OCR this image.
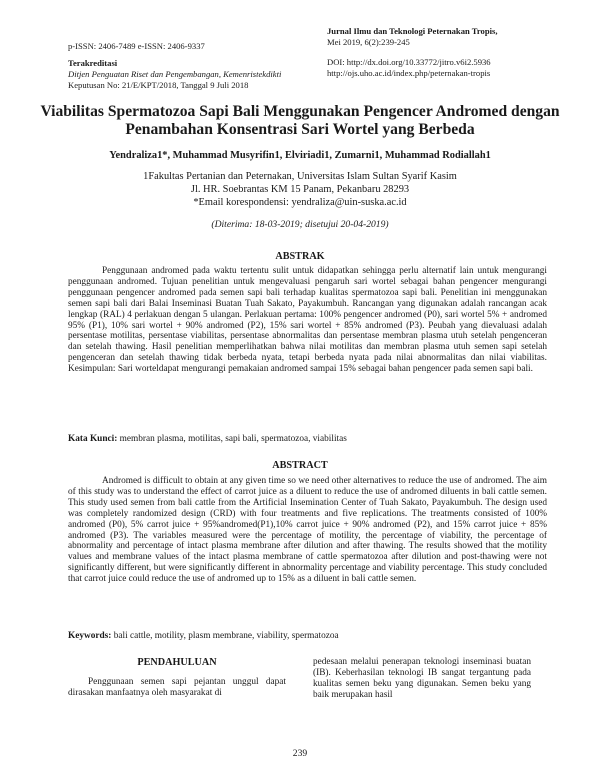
p-ISSN: 2406-7489 e-ISSN: 2406-9337
Terakreditasi
Ditjen Penguatan Riset dan Pengembangan, Kemenristekdikti
Keputusan No: 21/E/KPT/2018, Tanggal 9 Juli 2018
Jurnal Ilmu dan Teknologi Peternakan Tropis,
Mei 2019, 6(2):239-245
DOI: http://dx.doi.org/10.33772/jitro.v6i2.5936
http://ojs.uho.ac.id/index.php/peternakan-tropis
Viabilitas Spermatozoa Sapi Bali Menggunakan Pengencer Andromed dengan
Penambahan Konsentrasi Sari Wortel yang Berbeda
Yendraliza1*, Muhammad Musyrifin1, Elviriadi1, Zumarni1, Muhammad Rodiallah1
1Fakultas Pertanian dan Peternakan, Universitas Islam Sultan Syarif Kasim
Jl. HR. Soebrantas KM 15 Panam, Pekanbaru 28293
*Email korespondensi: yendraliza@uin-suska.ac.id
(Diterima: 18-03-2019; disetujui 20-04-2019)
ABSTRAK
Penggunaan andromed pada waktu tertentu sulit untuk didapatkan sehingga perlu alternatif lain untuk mengurangi penggunaan andromed. Tujuan penelitian untuk mengevaluasi pengaruh sari wortel sebagai bahan pengencer mengurangi penggunaan pengencer andromed pada semen sapi bali terhadap kualitas spermatozoa sapi bali. Penelitian ini menggunakan semen sapi bali dari Balai Inseminasi Buatan Tuah Sakato, Payakumbuh. Rancangan yang digunakan adalah rancangan acak lengkap (RAL) 4 perlakuan dengan 5 ulangan. Perlakuan pertama: 100% pengencer andromed (P0), sari wortel 5% + andromed 95% (P1), 10% sari wortel + 90% andromed (P2), 15% sari wortel + 85% andromed (P3). Peubah yang dievaluasi adalah persentase motilitas, persentase viabilitas, persentase abnormalitas dan persentase membran plasma utuh setelah pengenceran dan setelah thawing. Hasil penelitian memperlihatkan bahwa nilai motilitas dan membran plasma utuh semen sapi setelah pengenceran dan setelah thawing tidak berbeda nyata, tetapi berbeda nyata pada nilai abnormalitas dan nilai viabilitas. Kesimpulan: Sari worteldapat mengurangi pemakaian andromed sampai 15% sebagai bahan pengencer pada semen sapi bali.
Kata Kunci: membran plasma, motilitas, sapi bali, spermatozoa, viabilitas
ABSTRACT
Andromed is difficult to obtain at any given time so we need other alternatives to reduce the use of andromed. The aim of this study was to understand the effect of carrot juice as a diluent to reduce the use of andromed diluents in bali cattle semen. This study used semen from bali cattle from the Artificial Insemination Center of Tuah Sakato, Payakumbuh. The design used was completely randomized design (CRD) with four treatments and five replications. The treatments consisted of 100% andromed (P0), 5% carrot juice + 95%andromed(P1),10% carrot juice + 90% andromed (P2), and 15% carrot juice + 85% andromed (P3). The variables measured were the percentage of motility, the percentage of viability, the percentage of abnormality and percentage of intact plasma membrane after dilution and after thawing. The results showed that the motility values and membrane values of the intact plasma membrane of cattle spermatozoa after dilution and post-thawing were not significantly different, but were significantly different in abnormality percentage and viability percentage. This study concluded that carrot juice could reduce the use of andromed up to 15% as a diluent in bali cattle semen.
Keywords: bali cattle, motility, plasm membrane, viability, spermatozoa
PENDAHULUAN
Penggunaan semen sapi pejantan unggul dapat dirasakan manfaatnya oleh masyarakat di
pedesaan melalui penerapan teknologi inseminasi buatan (IB). Keberhasilan teknologi IB sangat tergantung pada kualitas semen beku yang digunakan. Semen beku yang baik merupakan hasil
239
